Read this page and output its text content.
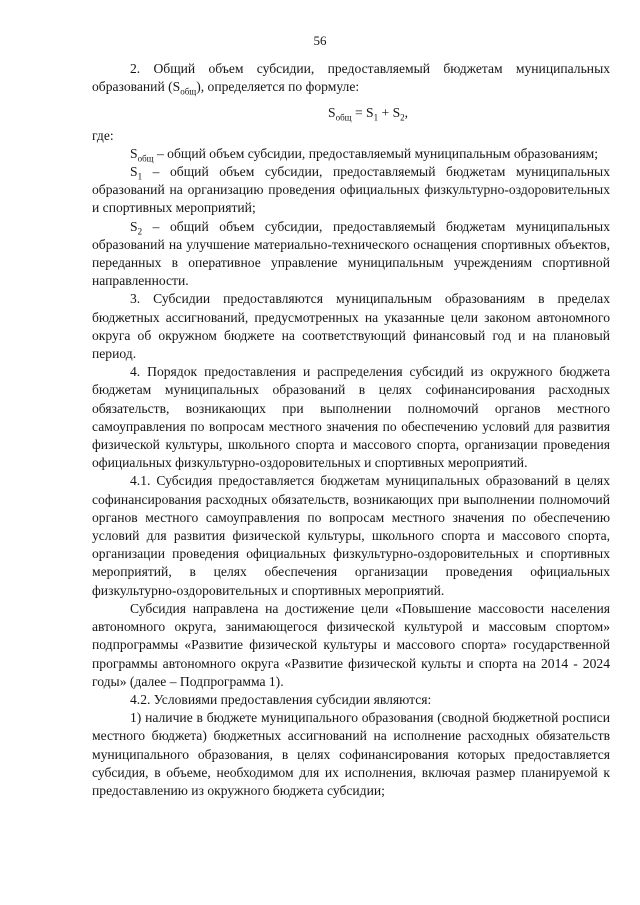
56

2. Общий объем субсидии, предоставляемый бюджетам муниципальных образований $(S_{общ})$, определяется по формуле:

$S_{общ} = S_1 + S_2$,

где:

$S_{общ}$ – общий объем субсидии, предоставляемый муниципальным образованиям;

$S_1$ – общий объем субсидии, предоставляемый бюджетам муниципальных образований на организацию проведения официальных физкультурно-оздоровительных и спортивных мероприятий;

$S_2$ – общий объем субсидии, предоставляемый бюджетам муниципальных образований на улучшение материально-технического оснащения спортивных объектов, переданных в оперативное управление муниципальным учреждениям спортивной направленности.

3. Субсидии предоставляются муниципальным образованиям в пределах бюджетных ассигнований, предусмотренных на указанные цели законом автономного округа об окружном бюджете на соответствующий финансовый год и на плановый период.

4. Порядок предоставления и распределения субсидий из окружного бюджета бюджетам муниципальных образований в целях софинансирования расходных обязательств, возникающих при выполнении полномочий органов местного самоуправления по вопросам местного значения по обеспечению условий для развития физической культуры, школьного спорта и массового спорта, организации проведения официальных физкультурно-оздоровительных и спортивных мероприятий.

4.1. Субсидия предоставляется бюджетам муниципальных образований в целях софинансирования расходных обязательств, возникающих при выполнении полномочий органов местного самоуправления по вопросам местного значения по обеспечению условий для развития физической культуры, школьного спорта и массового спорта, организации проведения официальных физкультурно-оздоровительных и спортивных мероприятий, в целях обеспечения организации проведения официальных физкультурно-оздоровительных и спортивных мероприятий.

Субсидия направлена на достижение цели «Повышение массовости населения автономного округа, занимающегося физической культурой и массовым спортом» подпрограммы «Развитие физической культуры и массового спорта» государственной программы автономного округа «Развитие физической культы и спорта на 2014 - 2024 годы» (далее – Подпрограмма 1).

4.2. Условиями предоставления субсидии являются:

1) наличие в бюджете муниципального образования (сводной бюджетной росписи местного бюджета) бюджетных ассигнований на исполнение расходных обязательств муниципального образования, в целях софинансирования которых предоставляется субсидия, в объеме, необходимом для их исполнения, включая размер планируемой к предоставлению из окружного бюджета субсидии;
